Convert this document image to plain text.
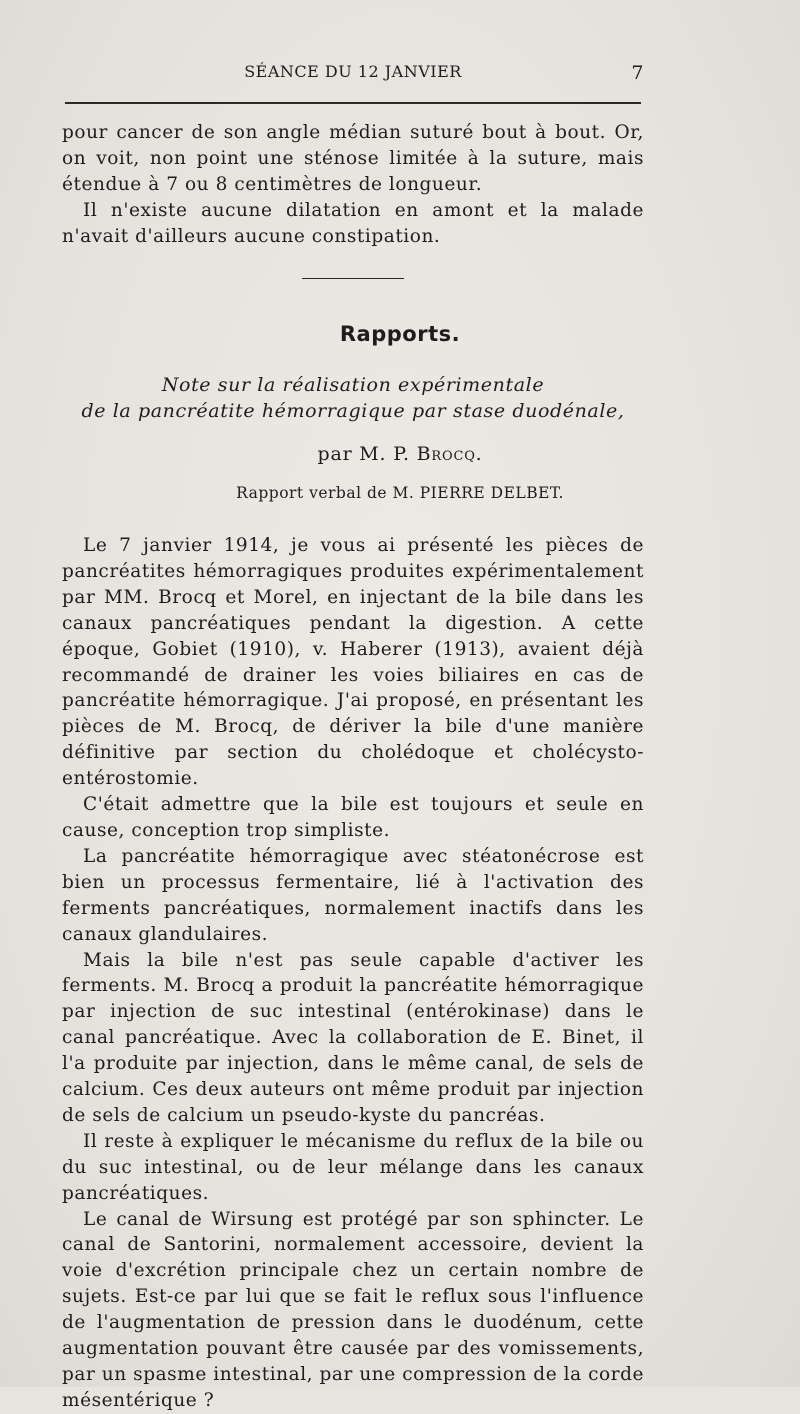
SÉANCE DU 12 JANVIER	7

pour cancer de son angle médian suturé bout à bout. Or, on voit, non point une sténose limitée à la suture, mais étendue à 7 ou 8 centimètres de longueur.

Il n'existe aucune dilatation en amont et la malade n'avait d'ailleurs aucune constipation.

Rapports.
Note sur la réalisation expérimentale
de la pancréatite hémorragique par stase duodénale,
par M. P. Brocq.
Rapport verbal de M. PIERRE DELBET.

Le 7 janvier 1914, je vous ai présenté les pièces de pancréatites hémorragiques produites expérimentalement par MM. Brocq et Morel, en injectant de la bile dans les canaux pancréatiques pendant la digestion. A cette époque, Gobiet (1910), v. Haberer (1913), avaient déjà recommandé de drainer les voies biliaires en cas de pancréatite hémorragique. J'ai proposé, en présentant les pièces de M. Brocq, de dériver la bile d'une manière définitive par section du cholédoque et cholécysto-entérostomie.

C'était admettre que la bile est toujours et seule en cause, conception trop simpliste.

La pancréatite hémorragique avec stéatonécrose est bien un processus fermentaire, lié à l'activation des ferments pancréatiques, normalement inactifs dans les canaux glandulaires.

Mais la bile n'est pas seule capable d'activer les ferments. M. Brocq a produit la pancréatite hémorragique par injection de suc intestinal (entérokinase) dans le canal pancréatique. Avec la collaboration de E. Binet, il l'a produite par injection, dans le même canal, de sels de calcium. Ces deux auteurs ont même produit par injection de sels de calcium un pseudo-kyste du pancréas.

Il reste à expliquer le mécanisme du reflux de la bile ou du suc intestinal, ou de leur mélange dans les canaux pancréatiques.

Le canal de Wirsung est protégé par son sphincter. Le canal de Santorini, normalement accessoire, devient la voie d'excrétion principale chez un certain nombre de sujets. Est-ce par lui que se fait le reflux sous l'influence de l'augmentation de pression dans le duodénum, cette augmentation pouvant être causée par des vomissements, par un spasme intestinal, par une compression de la corde mésentérique ?
